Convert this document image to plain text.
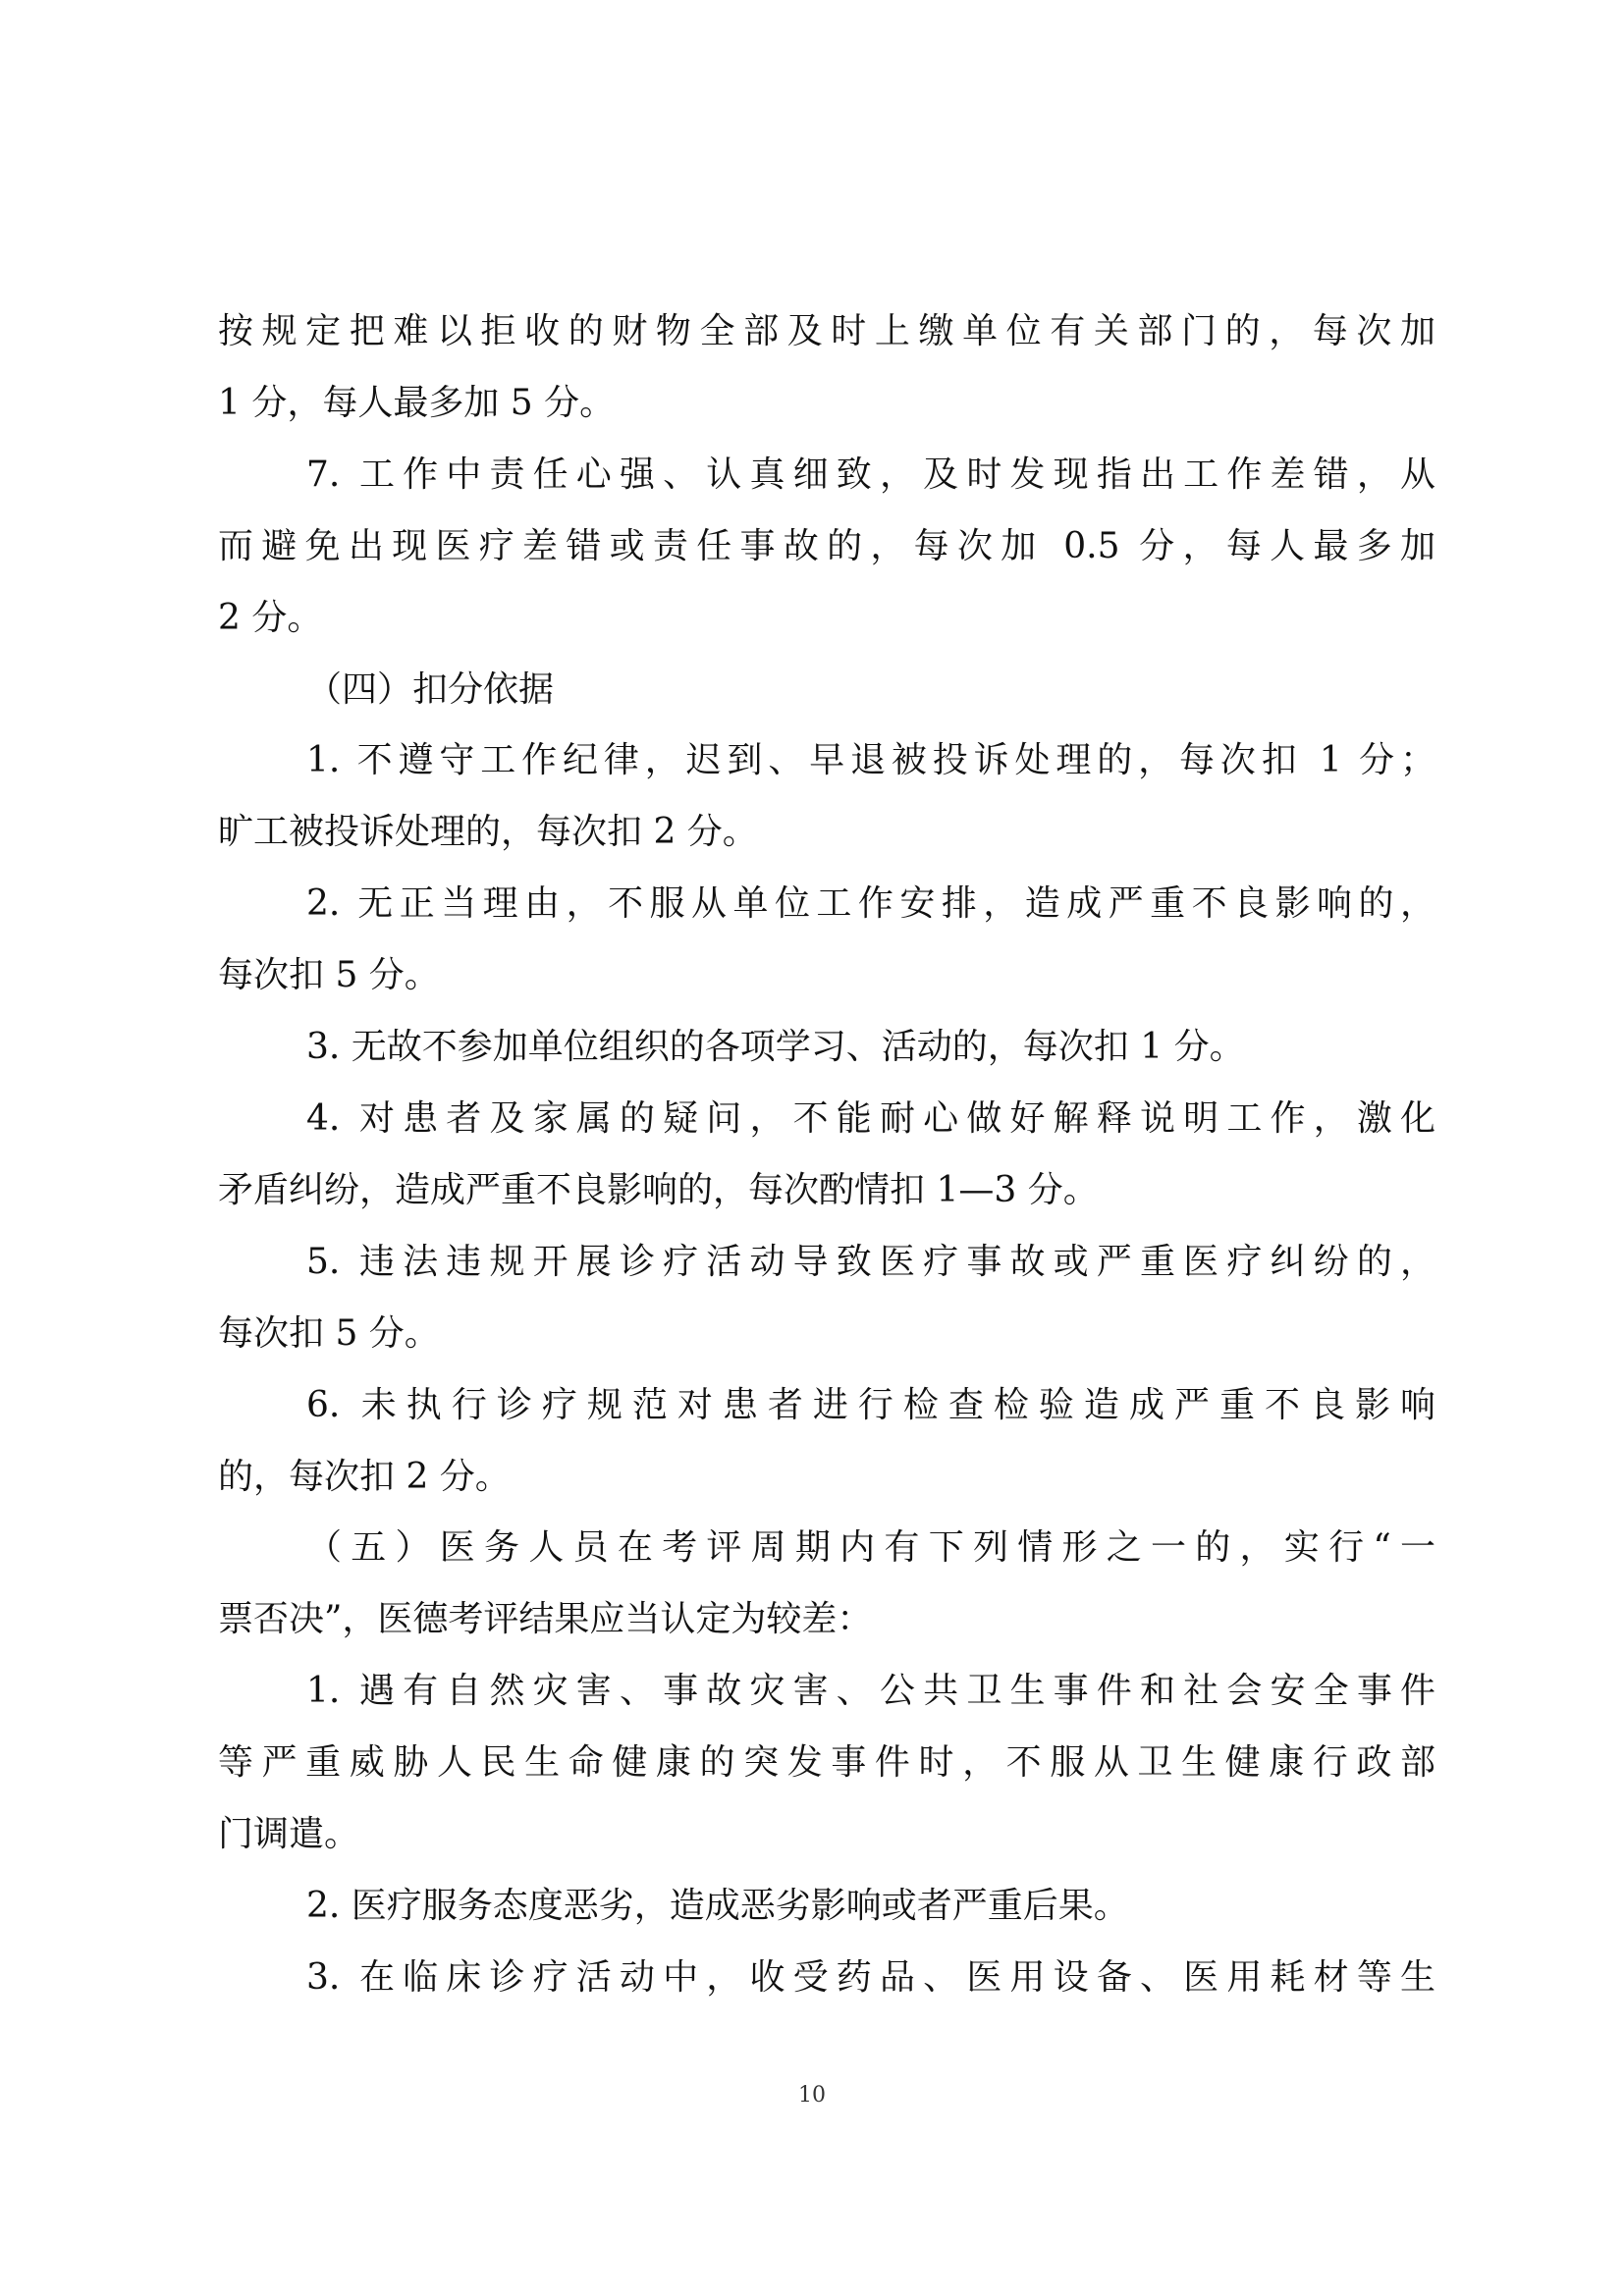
按规定把难以拒收的财物全部及时上缴单位有关部门的，每次加
1 分，每人最多加 5 分。
7. 工作中责任心强、认真细致，及时发现指出工作差错，从
而避免出现医疗差错或责任事故的，每次加 0.5 分，每人最多加
2 分。
（四）扣分依据
1. 不遵守工作纪律，迟到、早退被投诉处理的，每次扣 1 分；
旷工被投诉处理的，每次扣 2 分。
2. 无正当理由，不服从单位工作安排，造成严重不良影响的，
每次扣 5 分。
3. 无故不参加单位组织的各项学习、活动的，每次扣 1 分。
4. 对患者及家属的疑问，不能耐心做好解释说明工作，激化
矛盾纠纷，造成严重不良影响的，每次酌情扣 1—3 分。
5. 违法违规开展诊疗活动导致医疗事故或严重医疗纠纷的，
每次扣 5 分。
6. 未执行诊疗规范对患者进行检查检验造成严重不良影响
的，每次扣 2 分。
（五）医务人员在考评周期内有下列情形之一的，实行“一
票否决”，医德考评结果应当认定为较差：
1. 遇有自然灾害、事故灾害、公共卫生事件和社会安全事件
等严重威胁人民生命健康的突发事件时，不服从卫生健康行政部
门调遣。
2. 医疗服务态度恶劣，造成恶劣影响或者严重后果。
3. 在临床诊疗活动中，收受药品、医用设备、医用耗材等生
10
